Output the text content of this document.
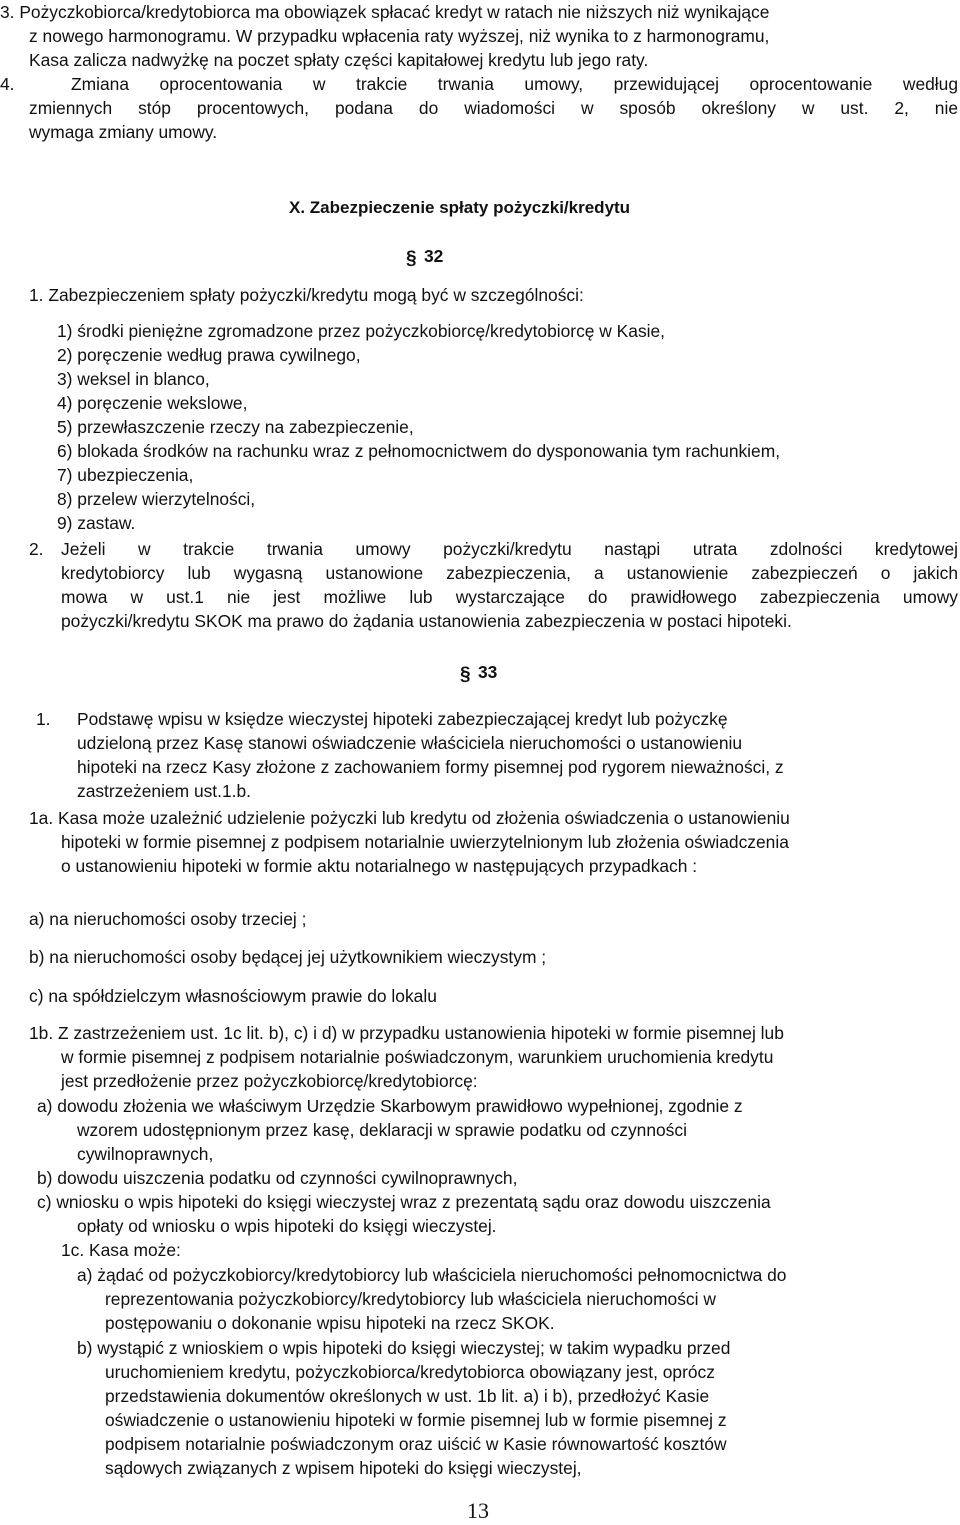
3. Pożyczkobiorca/kredytobiorca ma obowiązek spłacać kredyt w ratach nie niższych niż wynikające
z nowego harmonogramu. W przypadku wpłacenia raty wyższej, niż wynika to z harmonogramu,
Kasa zalicza nadwyżkę na poczet spłaty części kapitałowej kredytu lub jego raty.
4.	Zmiana oprocentowania w trakcie trwania umowy, przewidującej oprocentowanie według
zmiennych stóp procentowych, podana do wiadomości w sposób określony w ust. 2, nie
wymaga zmiany umowy.
X. Zabezpieczenie spłaty pożyczki/kredytu
§ 32
1. Zabezpieczeniem spłaty pożyczki/kredytu mogą być w szczególności:
1) środki pieniężne zgromadzone przez pożyczkobiorcę/kredytobiorcę w Kasie,
2) poręczenie według prawa cywilnego,
3) weksel in blanco,
4) poręczenie wekslowe,
5) przewłaszczenie rzeczy na zabezpieczenie,
6) blokada środków na rachunku wraz z pełnomocnictwem do dysponowania tym rachunkiem,
7) ubezpieczenia,
8) przelew wierzytelności,
9) zastaw.
2. Jeżeli w trakcie trwania umowy pożyczki/kredytu nastąpi utrata zdolności kredytowej
kredytobiorcy lub wygasną ustanowione zabezpieczenia, a ustanowienie zabezpieczeń o jakich
mowa w ust.1 nie jest możliwe lub wystarczające do prawidłowego zabezpieczenia umowy
pożyczki/kredytu SKOK ma prawo do żądania ustanowienia zabezpieczenia w postaci hipoteki.
§ 33
1. Podstawę wpisu w księdze wieczystej hipoteki zabezpieczającej kredyt lub pożyczkę
udzieloną przez Kasę stanowi oświadczenie właściciela nieruchomości o ustanowieniu
hipoteki na rzecz Kasy złożone z zachowaniem formy pisemnej pod rygorem nieważności, z
zastrzeżeniem ust.1.b.
1a. Kasa może uzależnić udzielenie pożyczki lub kredytu od złożenia oświadczenia o ustanowieniu
hipoteki w formie pisemnej z podpisem notarialnie uwierzytelnionym lub złożenia oświadczenia
o ustanowieniu hipoteki w formie aktu notarialnego w następujących przypadkach :
a) na nieruchomości osoby trzeciej ;
b) na nieruchomości osoby będącej jej użytkownikiem wieczystym ;
c) na spółdzielczym własnościowym prawie do lokalu
1b. Z zastrzeżeniem ust. 1c lit. b), c) i d) w przypadku ustanowienia hipoteki w formie pisemnej lub
w formie pisemnej z podpisem notarialnie poświadczonym, warunkiem uruchomienia kredytu
jest przedłożenie przez pożyczkobiorcę/kredytobiorcę:
a) dowodu złożenia we właściwym Urzędzie Skarbowym prawidłowo wypełnionej, zgodnie z
wzorem udostępnionym przez kasę, deklaracji w sprawie podatku od czynności
cywilnoprawnych,
b) dowodu uiszczenia podatku od czynności cywilnoprawnych,
c) wniosku o wpis hipoteki do księgi wieczystej wraz z prezentatą sądu oraz dowodu uiszczenia
opłaty od wniosku o wpis hipoteki do księgi wieczystej.
1c. Kasa może:
a) żądać od pożyczkobiorcy/kredytobiorcy lub właściciela nieruchomości pełnomocnictwa do
reprezentowania pożyczkobiorcy/kredytobiorcy lub właściciela nieruchomości w
postępowaniu o dokonanie wpisu hipoteki na rzecz SKOK.
b) wystąpić z wnioskiem o wpis hipoteki do księgi wieczystej; w takim wypadku przed
uruchomieniem kredytu, pożyczkobiorca/kredytobiorca obowiązany jest, oprócz
przedstawienia dokumentów określonych w ust. 1b lit. a) i b), przedłożyć Kasie
oświadczenie o ustanowieniu hipoteki w formie pisemnej lub w formie pisemnej z
podpisem notarialnie poświadczonym oraz uiścić w Kasie równowartość kosztów
sądowych związanych z wpisem hipoteki do księgi wieczystej,
13
